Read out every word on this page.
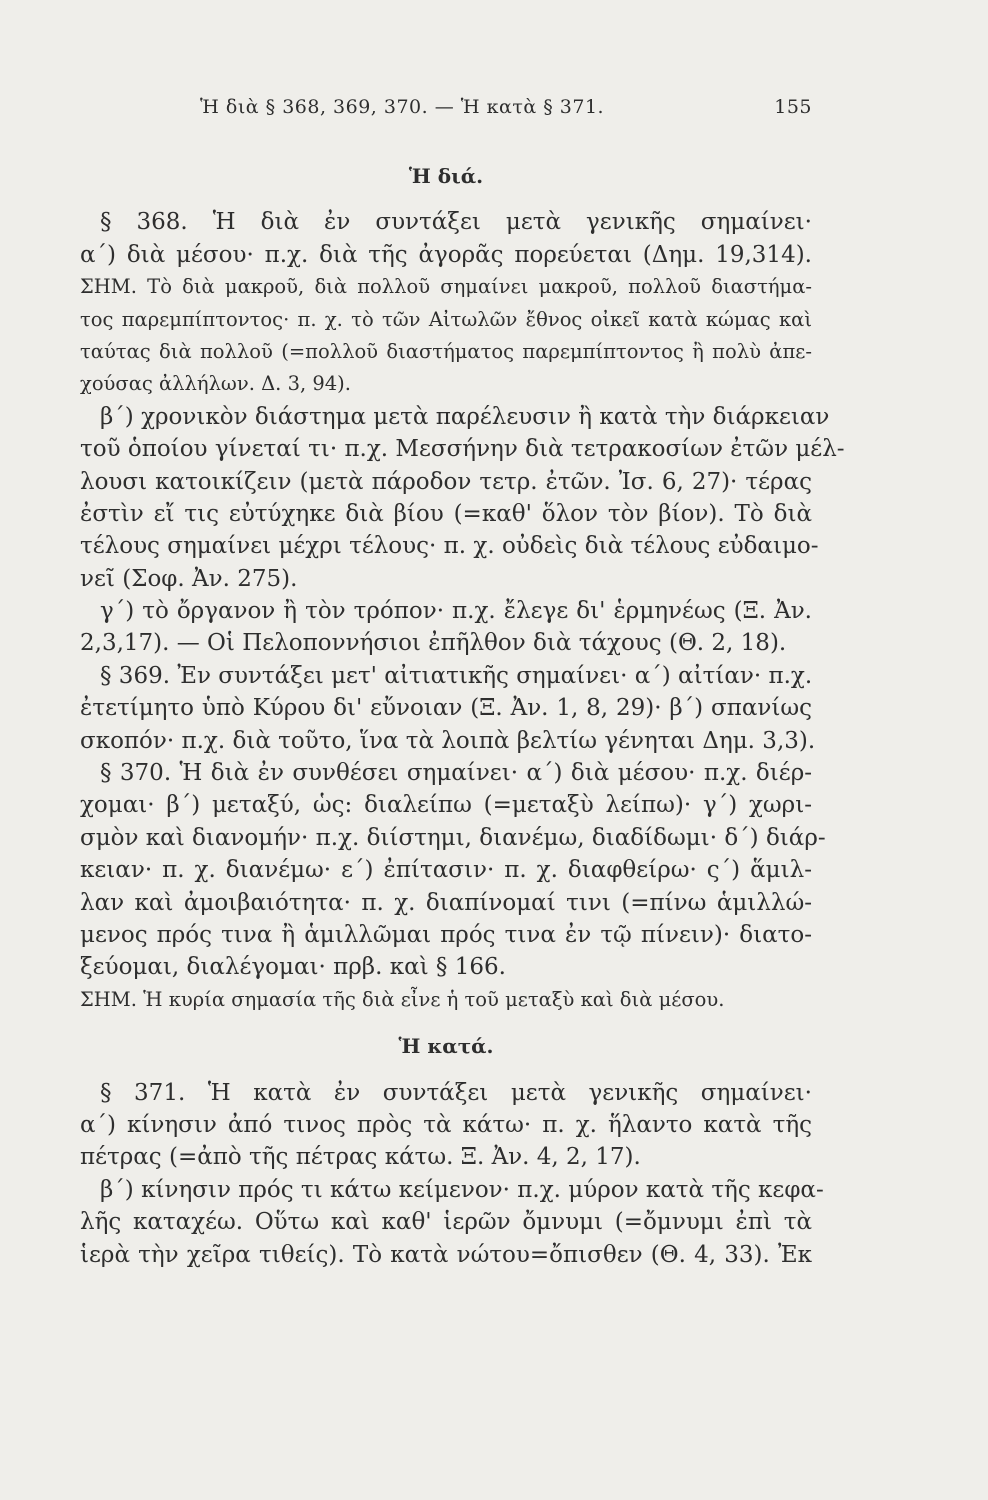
Ἡ διὰ § 368, 369, 370. — Ἡ κατὰ § 371.	155
Ἡ διά.
§ 368. Ἡ διὰ ἐν συντάξει μετὰ γενικῆς σημαίνει·
α΄) διὰ μέσου· π.χ. διὰ τῆς ἀγορᾶς πορεύεται (Δημ. 19,314).
ΣΗΜ. Τὸ διὰ μακροῦ, διὰ πολλοῦ σημαίνει μακροῦ, πολλοῦ διαστήμα-
τος παρεμπίπτοντος· π. χ. τὸ τῶν Αἰτωλῶν ἔθνος οἰκεῖ κατὰ κώμας καὶ
ταύτας διὰ πολλοῦ (=πολλοῦ διαστήματος παρεμπίπτοντος ἢ πολὺ ἀπε-
χούσας ἀλλήλων. Δ. 3, 94).
β΄) χρονικὸν διάστημα μετὰ παρέλευσιν ἢ κατὰ τὴν διάρκειαν
τοῦ ὁποίου γίνεταί τι· π.χ. Μεσσήνην διὰ τετρακοσίων ἐτῶν μέλ-
λουσι κατοικίζειν (μετὰ πάροδον τετρ. ἐτῶν. Ἰσ. 6, 27)· τέρας
ἐστὶν εἴ τις εὐτύχηκε διὰ βίου (=καθ' ὅλον τὸν βίον). Τὸ διὰ
τέλους σημαίνει μέχρι τέλους· π. χ. οὐδεὶς διὰ τέλους εὐδαιμο-
νεῖ (Σοφ. Ἀν. 275).
γ΄) τὸ ὄργανον ἢ τὸν τρόπον· π.χ. ἔλεγε δι' ἑρμηνέως (Ξ. Ἀν.
2,3,17). — Οἱ Πελοποννήσιοι ἐπῆλθον διὰ τάχους (Θ. 2, 18).
§ 369. Ἐν συντάξει μετ' αἰτιατικῆς σημαίνει· α΄) αἰτίαν· π.χ.
ἐτετίμητο ὑπὸ Κύρου δι' εὔνοιαν (Ξ. Ἀν. 1, 8, 29)· β΄) σπανίως
σκοπόν· π.χ. διὰ τοῦτο, ἵνα τὰ λοιπὰ βελτίω γένηται Δημ. 3,3).
§ 370. Ἡ διὰ ἐν συνθέσει σημαίνει· α΄) διὰ μέσου· π.χ. διέρ-
χομαι· β΄) μεταξύ, ὡς: διαλείπω (=μεταξὺ λείπω)· γ΄) χωρι-
σμὸν καὶ διανομήν· π.χ. διίστημι, διανέμω, διαδίδωμι· δ΄) διάρ-
κειαν· π. χ. διανέμω· ε΄) ἐπίτασιν· π. χ. διαφθείρω· ς΄) ἅμιλ-
λαν καὶ ἀμοιβαιότητα· π. χ. διαπίνομαί τινι (=πίνω ἁμιλλώ-
μενος πρός τινα ἢ ἁμιλλῶμαι πρός τινα ἐν τῷ πίνειν)· διατο-
ξεύομαι, διαλέγομαι· πρβ. καὶ § 166.
ΣΗΜ. Ἡ κυρία σημασία τῆς διὰ εἶνε ἡ τοῦ μεταξὺ καὶ διὰ μέσου.
Ἡ κατά.
§ 371. Ἡ κατὰ ἐν συντάξει μετὰ γενικῆς σημαίνει·
α΄) κίνησιν ἀπό τινος πρὸς τὰ κάτω· π. χ. ἥλαντο κατὰ τῆς
πέτρας (=ἀπὸ τῆς πέτρας κάτω. Ξ. Ἀν. 4, 2, 17).
β΄) κίνησιν πρός τι κάτω κείμενον· π.χ. μύρον κατὰ τῆς κεφα-
λῆς καταχέω. Οὕτω καὶ καθ' ἱερῶν ὄμνυμι (=ὄμνυμι ἐπὶ τὰ
ἱερὰ τὴν χεῖρα τιθείς). Τὸ κατὰ νώτου=ὄπισθεν (Θ. 4, 33). Ἐκ
